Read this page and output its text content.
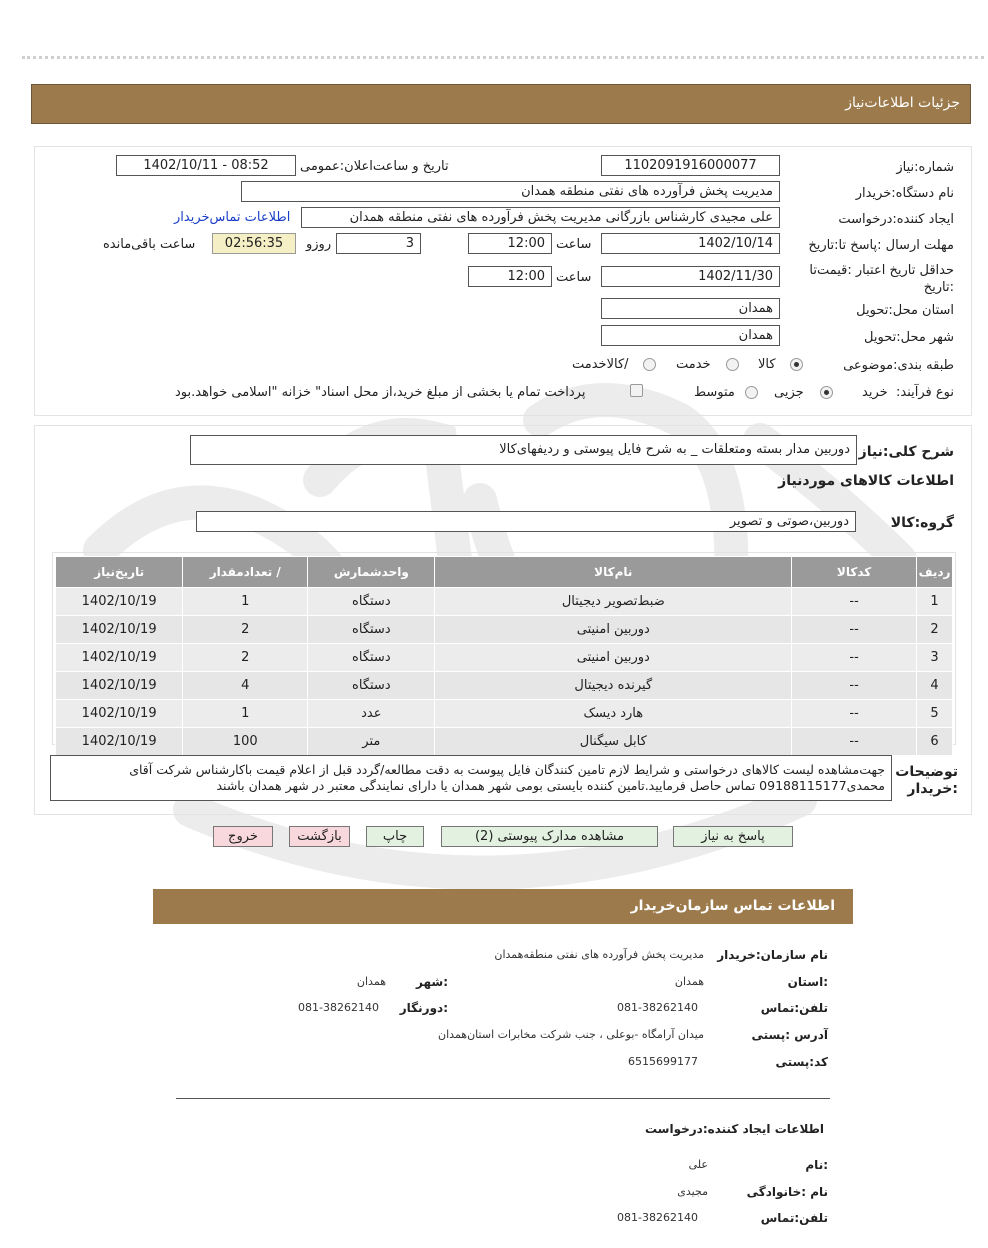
جزئیات اطلاعات‌نیاز
شماره:نیاز
1102091916000077
تاریخ و ساعت‌اعلان:عمومی
1402/10/11 - 08:52
نام دستگاه:خریدار
مدیریت پخش فرآورده های نفتی منطقه همدان
ایجاد کننده:درخواست
علی مجیدی کارشناس بازرگانی مدیریت پخش فرآورده های نفتی منطقه همدان
اطلاعات تماس‌خریدار
مهلت ارسال :پاسخ تا:تاریخ
1402/10/14
ساعت
12:00
3
روزو
02:56:35
ساعت باقی‌مانده
حداقل تاریخ اعتبار :قیمت‌تا :تاریخ
1402/11/30
ساعت
12:00
استان محل:تحویل
همدان
شهر محل:تحویل
همدان
طبقه بندی:موضوعی
کالا
خدمت
/کالاخدمت
نوع فرآیند:
خرید
جزیی
متوسط
پرداخت تمام یا بخشی از مبلغ خرید،از محل اسناد" خزانه "اسلامی خواهد.بود
شرح کلی:نیاز
دوربین مدار بسته ومتعلقات _ به شرح فایل پیوستی و ردیفهای‌کالا
اطلاعات کالاهای موردنیاز
گروه:کالا
دوربین،صوتی و تصویر
ردیف	کدکالا	نام‌کالا	واحدشمارش	/ تعدادمقدار	تاریخ‌نیاز
1	--	ضبط‌تصویر دیجیتال	دستگاه	1	1402/10/19
2	--	دوربین امنیتی	دستگاه	2	1402/10/19
3	--	دوربین امنیتی	دستگاه	2	1402/10/19
4	--	گیرنده دیجیتال	دستگاه	4	1402/10/19
5	--	هارد دیسک	عدد	1	1402/10/19
6	--	کابل سیگنال	متر	100	1402/10/19
توضیحات :خریدار
جهت‌مشاهده لیست کالاهای درخواستی و شرایط لازم تامین کنندگان فایل پیوست به دقت مطالعه/گردد قبل از اعلام قیمت با‌کارشناس شرکت آقای محمدی09188115177 تماس حاصل فرمایید.تامین کننده بایستی بومی شهر همدان یا دارای نمایندگی معتبر در شهر همدان باشند
پاسخ به نیاز
مشاهده مدارک پیوستی (2)
چاپ
بازگشت
خروج
اطلاعات تماس سازمان‌خریدار
نام سازمان:خریدار
مدیریت پخش فرآورده های نفتی منطقه‌همدان
:استان
همدان
:شهر
همدان
تلفن:تماس
081-38262140
:دورنگار
081-38262140
آدرس :پستی
میدان آرامگاه -بوعلی ، جنب شرکت مخابرات استان‌همدان
کد:پستی
6515699177
اطلاعات ایجاد کننده:درخواست
:نام
علی
نام :خانوادگی
مجیدی
تلفن:تماس
081-38262140
